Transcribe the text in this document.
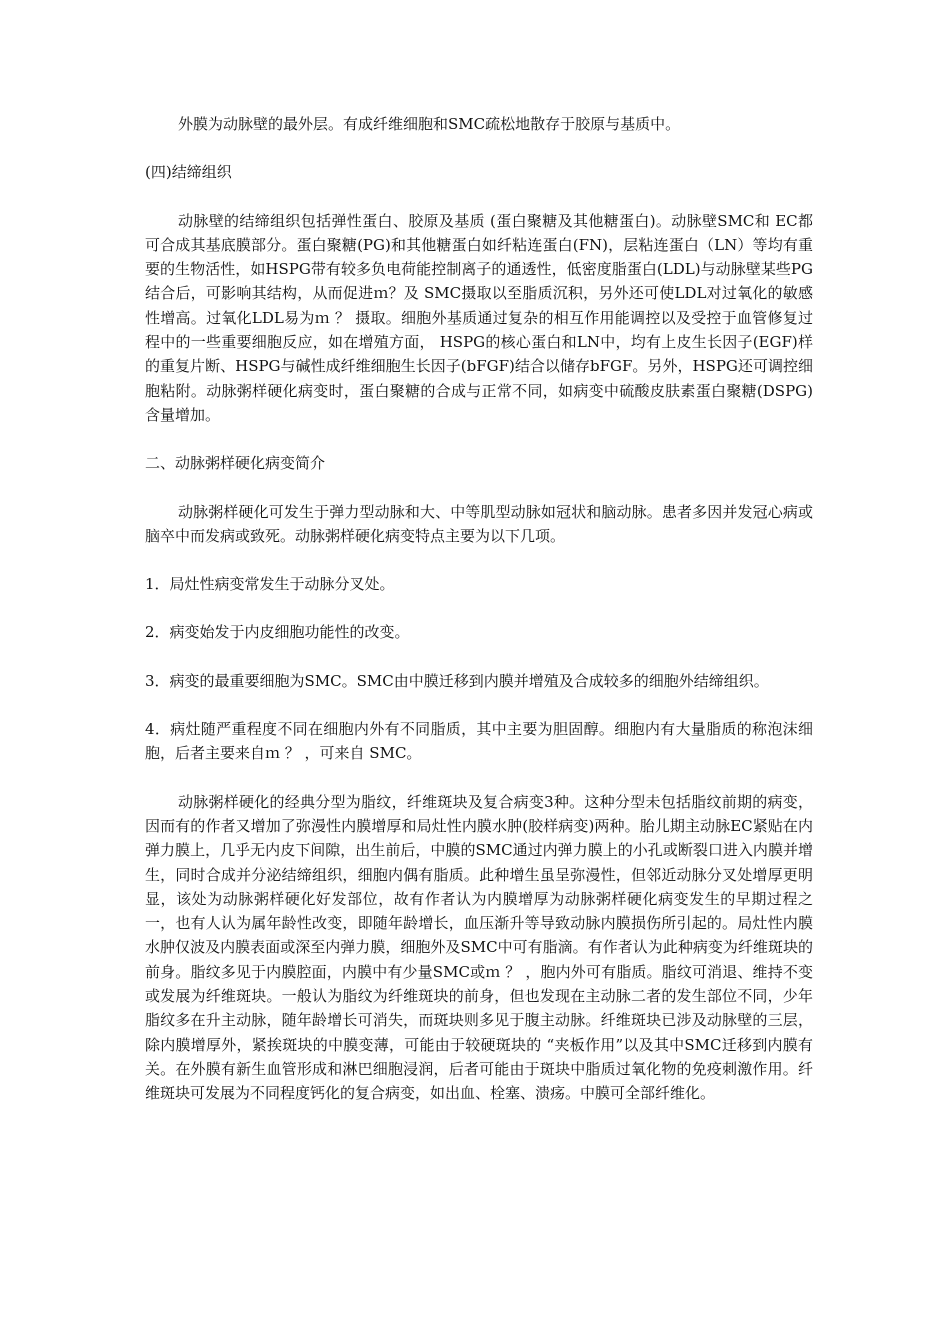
外膜为动脉壁的最外层。有成纤维细胞和SMC疏松地散存于胶原与基质中。

(四)结缔组织

动脉壁的结缔组织包括弹性蛋白、胶原及基质 (蛋白聚糖及其他糖蛋白)。动脉壁SMC和 EC都可合成其基底膜部分。蛋白聚糖(PG)和其他糖蛋白如纤粘连蛋白(FN)，层粘连蛋白（LN）等均有重要的生物活性，如HSPG带有较多负电荷能控制离子的通透性，低密度脂蛋白(LDL)与动脉壁某些PG结合后，可影响其结构，从而促进ｍ？及 SMC摄取以至脂质沉积，另外还可使LDL对过氧化的敏感性增高。过氧化LDL易为ｍ ？ 摄取。细胞外基质通过复杂的相互作用能调控以及受控于血管修复过程中的一些重要细胞反应，如在增殖方面， HSPG的核心蛋白和LN中，均有上皮生长因子(EGF)样的重复片断、HSPG与碱性成纤维细胞生长因子(bFGF)结合以储存bFGF。另外，HSPG还可调控细胞粘附。动脉粥样硬化病变时，蛋白聚糖的合成与正常不同，如病变中硫酸皮肤素蛋白聚糖(DSPG)含量增加。

二、动脉粥样硬化病变简介

动脉粥样硬化可发生于弹力型动脉和大、中等肌型动脉如冠状和脑动脉。患者多因并发冠心病或脑卒中而发病或致死。动脉粥样硬化病变特点主要为以下几项。

1．局灶性病变常发生于动脉分叉处。

2．病变始发于内皮细胞功能性的改变。

3．病变的最重要细胞为SMC。SMC由中膜迁移到内膜并增殖及合成较多的细胞外结缔组织。

4．病灶随严重程度不同在细胞内外有不同脂质，其中主要为胆固醇。细胞内有大量脂质的称泡沫细胞，后者主要来自ｍ ？ ，可来自 SMC。

动脉粥样硬化的经典分型为脂纹，纤维斑块及复合病变3种。这种分型未包括脂纹前期的病变，因而有的作者又增加了弥漫性内膜增厚和局灶性内膜水肿(胶样病变)两种。胎儿期主动脉EC紧贴在内弹力膜上，几乎无内皮下间隙，出生前后，中膜的SMC通过内弹力膜上的小孔或断裂口进入内膜并增生，同时合成并分泌结缔组织，细胞内偶有脂质。此种增生虽呈弥漫性，但邻近动脉分叉处增厚更明显，该处为动脉粥样硬化好发部位，故有作者认为内膜增厚为动脉粥样硬化病变发生的早期过程之一，也有人认为属年龄性改变，即随年龄增长，血压渐升等导致动脉内膜损伤所引起的。局灶性内膜水肿仅波及内膜表面或深至内弹力膜，细胞外及SMC中可有脂滴。有作者认为此种病变为纤维斑块的前身。脂纹多见于内膜腔面，内膜中有少量SMC或ｍ ？ ，胞内外可有脂质。脂纹可消退、维持不变或发展为纤维斑块。一般认为脂纹为纤维斑块的前身，但也发现在主动脉二者的发生部位不同，少年脂纹多在升主动脉，随年龄增长可消失，而斑块则多见于腹主动脉。纤维斑块已涉及动脉壁的三层，除内膜增厚外，紧挨斑块的中膜变薄，可能由于较硬斑块的 “夹板作用”以及其中SMC迁移到内膜有关。在外膜有新生血管形成和淋巴细胞浸润，后者可能由于斑块中脂质过氧化物的免疫刺激作用。纤维斑块可发展为不同程度钙化的复合病变，如出血、栓塞、溃疡。中膜可全部纤维化。
